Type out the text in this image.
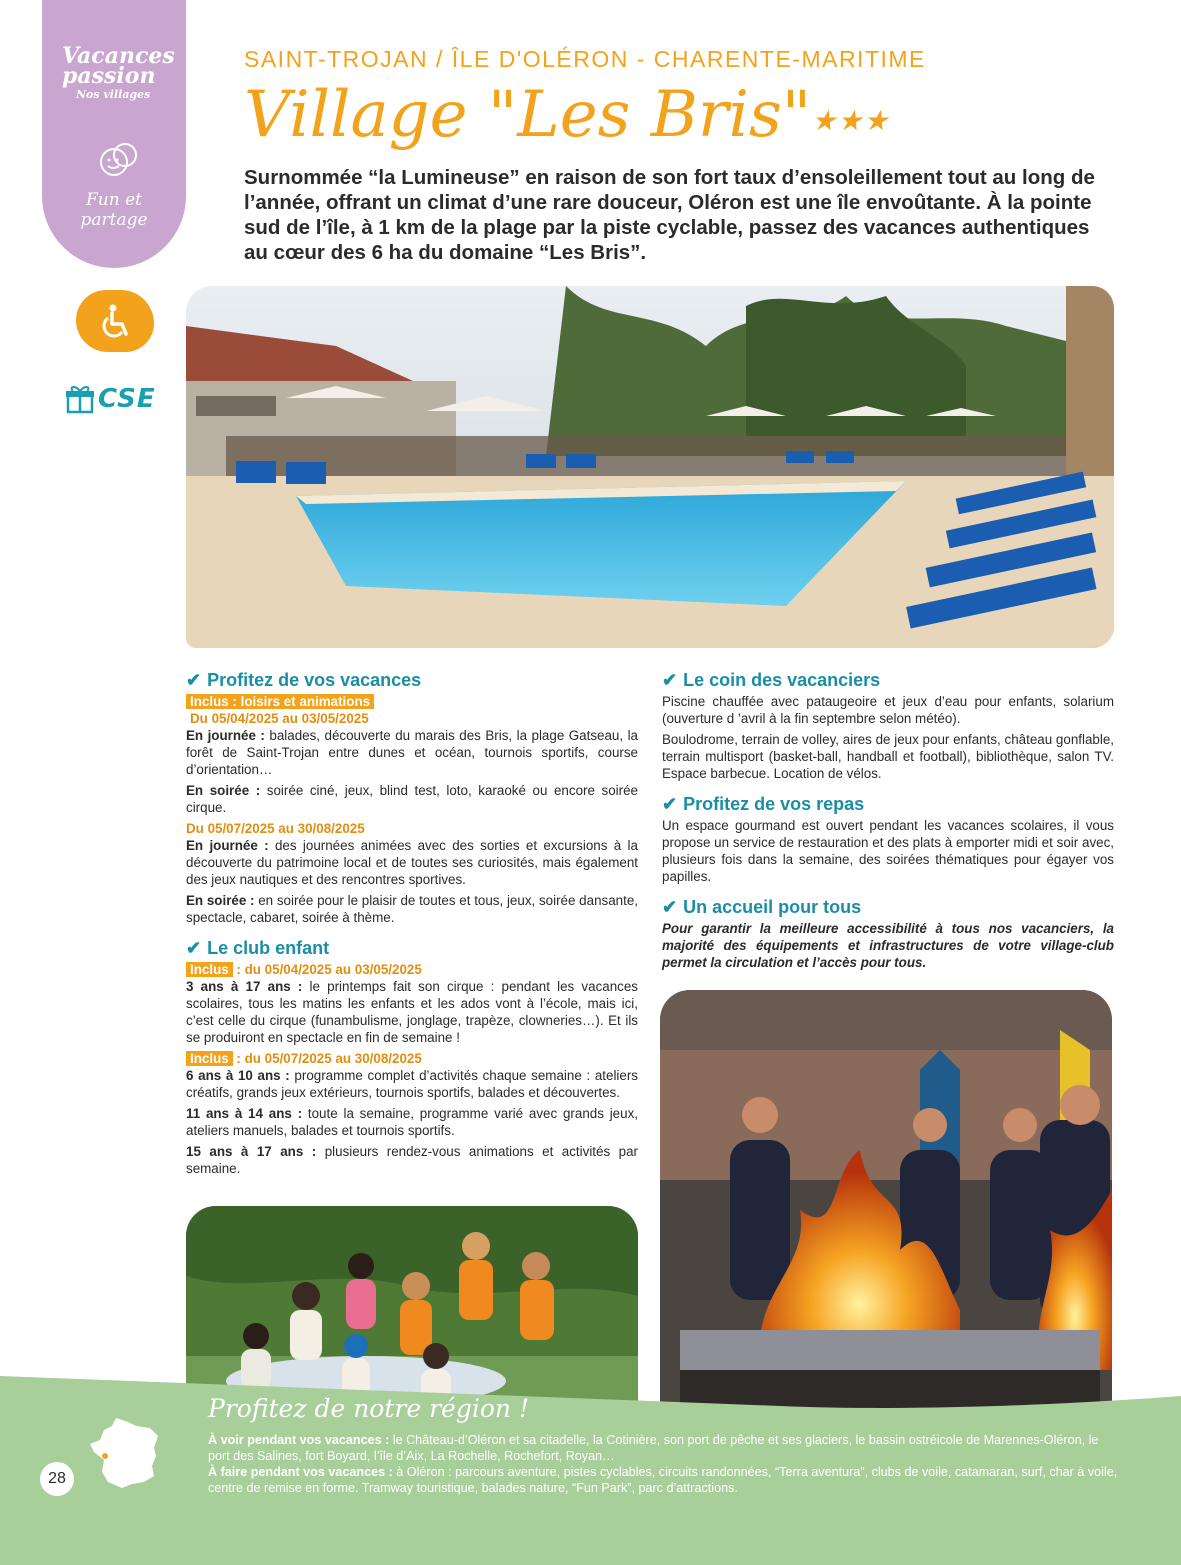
Vacances passion
Nos villages
Fun et
partage
CSE
SAINT-TROJAN / ÎLE D'OLÉRON - CHARENTE-MARITIME
Village "Les Bris"★★★
Surnommée “la Lumineuse” en raison de son fort taux d’ensoleillement tout au long de l’année, offrant un climat d’une rare douceur, Oléron est une île envoûtante. À la pointe sud de l’île, à 1 km de la plage par la piste cyclable, passez des vacances authentiques au cœur des 6 ha du domaine “Les Bris”.
✔ Profitez de vos vacances
Inclus : loisirs et animations
Du 05/04/2025 au 03/05/2025
En journée : balades, découverte du marais des Bris, la plage Gatseau, la forêt de Saint-Trojan entre dunes et océan, tournois sportifs, course d’orientation…
En soirée : soirée ciné, jeux, blind test, loto, karaoké ou encore soirée cirque.
Du 05/07/2025 au 30/08/2025
En journée : des journées animées avec des sorties et excursions à la découverte du patrimoine local et de toutes ses curiosités, mais également des jeux nautiques et des rencontres sportives.
En soirée : en soirée pour le plaisir de toutes et tous, jeux, soirée dansante, spectacle, cabaret, soirée à thème.
✔ Le club enfant
Inclus : du 05/04/2025 au 03/05/2025
3 ans à 17 ans : le printemps fait son cirque : pendant les vacances scolaires, tous les matins les enfants et les ados vont à l’école, mais ici, c’est celle du cirque (funambulisme, jonglage, trapèze, clowneries…). Et ils se produiront en spectacle en fin de semaine !
Inclus : du 05/07/2025 au 30/08/2025
6 ans à 10 ans : programme complet d’activités chaque semaine : ateliers créatifs, grands jeux extérieurs, tournois sportifs, balades et découvertes.
11 ans à 14 ans : toute la semaine, programme varié avec grands jeux, ateliers manuels, balades et tournois sportifs.
15 ans à 17 ans : plusieurs rendez-vous animations et activités par semaine.
✔ Le coin des vacanciers
Piscine chauffée avec pataugeoire et jeux d’eau pour enfants, solarium (ouverture d ’avril à la fin septembre selon météo).
Boulodrome, terrain de volley, aires de jeux pour enfants, château gonflable, terrain multisport (basket-ball, handball et football), bibliothèque, salon TV. Espace barbecue. Location de vélos.
✔ Profitez de vos repas
Un espace gourmand est ouvert pendant les vacances scolaires, il vous propose un service de restauration et des plats à emporter midi et soir avec, plusieurs fois dans la semaine, des soirées thématiques pour égayer vos papilles.
✔ Un accueil pour tous
Pour garantir la meilleure accessibilité à tous nos vacanciers, la majorité des équipements et infrastructures de votre village-club permet la circulation et l’accès pour tous.
Profitez de notre région !
À voir pendant vos vacances : le Château-d’Oléron et sa citadelle, la Cotinière, son port de pêche et ses glaciers, le bassin ostréicole de Marennes-Oléron, le port des Salines, fort Boyard, l’île d’Aix, La Rochelle, Rochefort, Royan…
À faire pendant vos vacances : à Oléron : parcours aventure, pistes cyclables, circuits randonnées, “Terra aventura”, clubs de voile, catamaran, surf, char à voile, centre de remise en forme. Tramway touristique, balades nature, “Fun Park”, parc d’attractions.
28
